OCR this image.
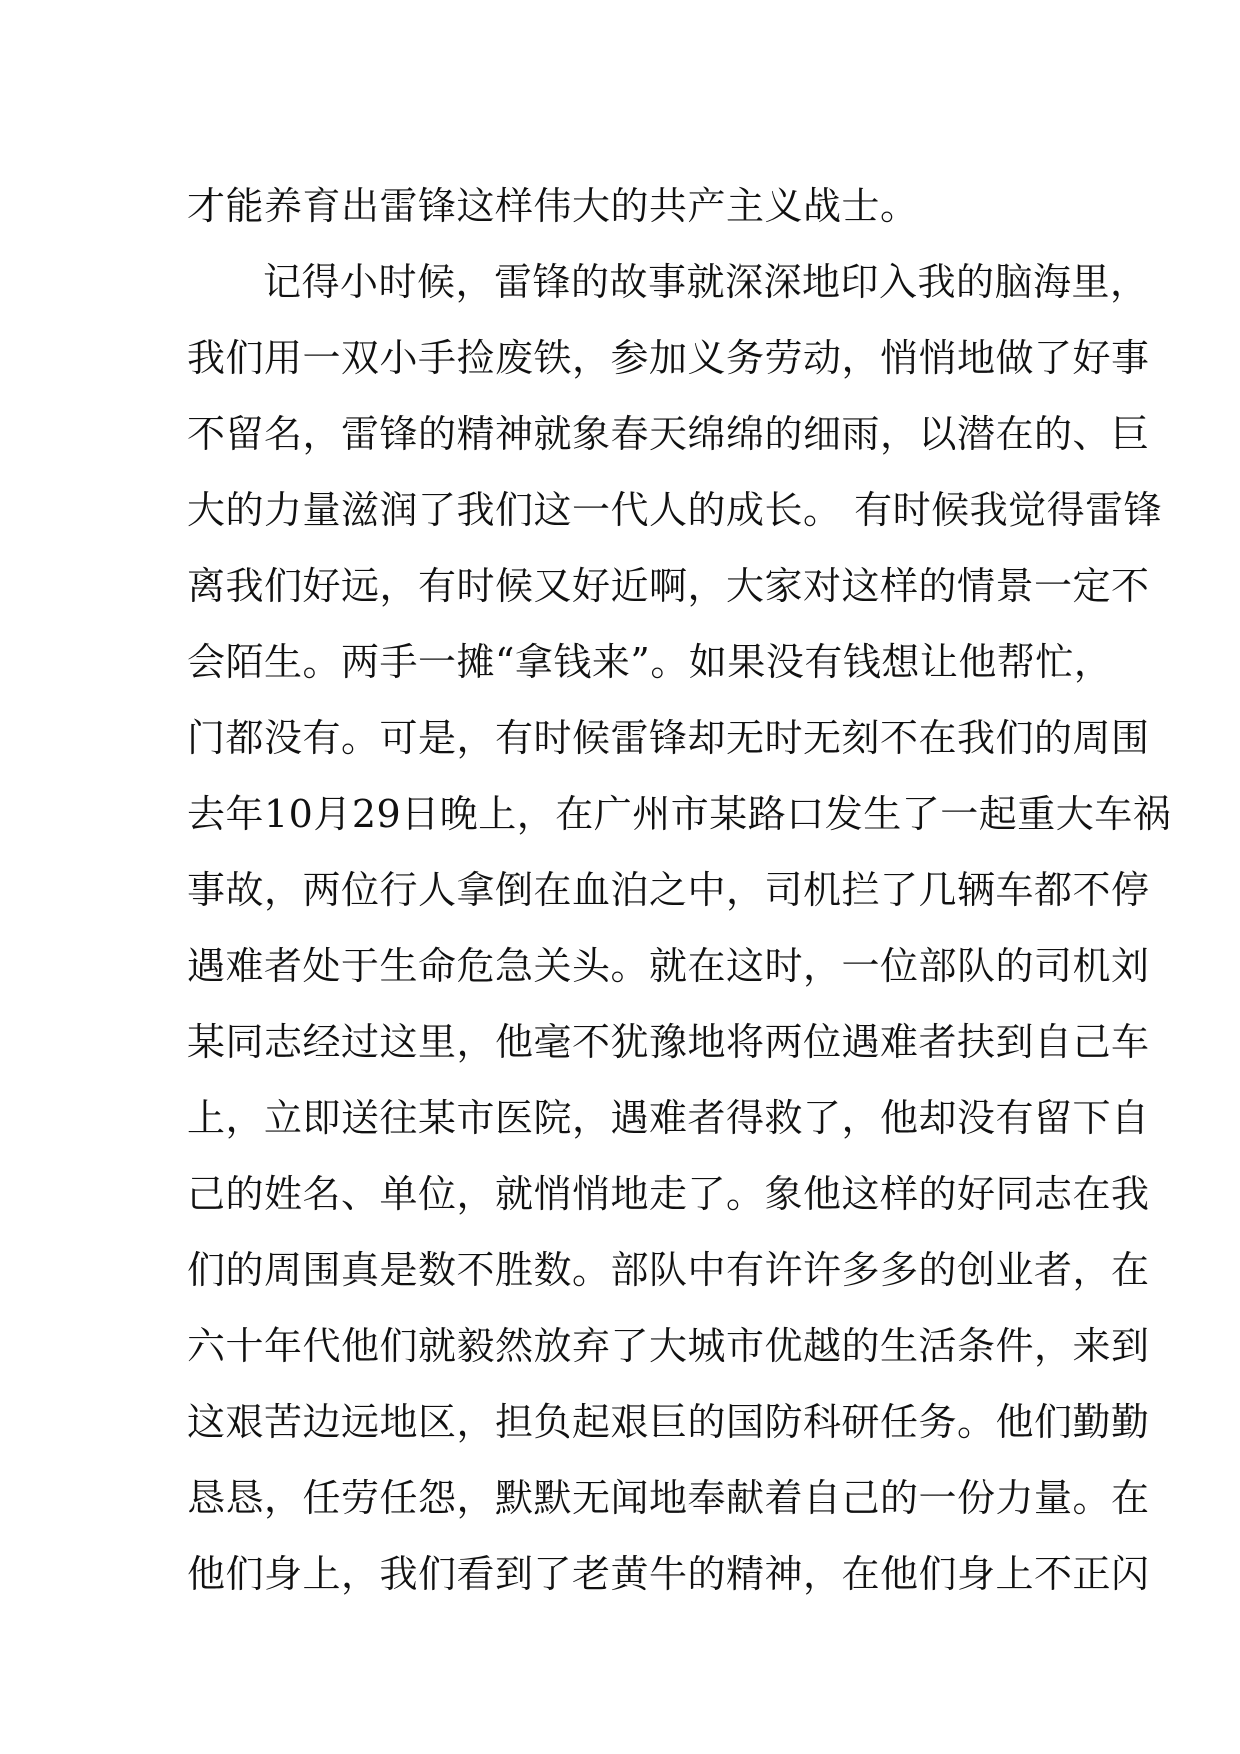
才能养育出雷锋这样伟大的共产主义战士。
记得小时候，雷锋的故事就深深地印入我的脑海里，
我们用一双小手捡废铁，参加义务劳动，悄悄地做了好事
不留名，雷锋的精神就象春天绵绵的细雨，以潜在的、巨
大的力量滋润了我们这一代人的成长。 有时候我觉得雷锋
离我们好远，有时候又好近啊，大家对这样的情景一定不
会陌生。两手一摊“拿钱来”。如果没有钱想让他帮忙，
门都没有。可是，有时候雷锋却无时无刻不在我们的周围
去年10月29日晚上，在广州市某路口发生了一起重大车祸
事故，两位行人拿倒在血泊之中，司机拦了几辆车都不停
遇难者处于生命危急关头。就在这时，一位部队的司机刘
某同志经过这里，他毫不犹豫地将两位遇难者扶到自己车
上，立即送往某市医院，遇难者得救了，他却没有留下自
己的姓名、单位，就悄悄地走了。象他这样的好同志在我
们的周围真是数不胜数。部队中有许许多多的创业者，在
六十年代他们就毅然放弃了大城市优越的生活条件，来到
这艰苦边远地区，担负起艰巨的国防科研任务。他们勤勤
恳恳，任劳任怨，默默无闻地奉献着自己的一份力量。在
他们身上，我们看到了老黄牛的精神，在他们身上不正闪
